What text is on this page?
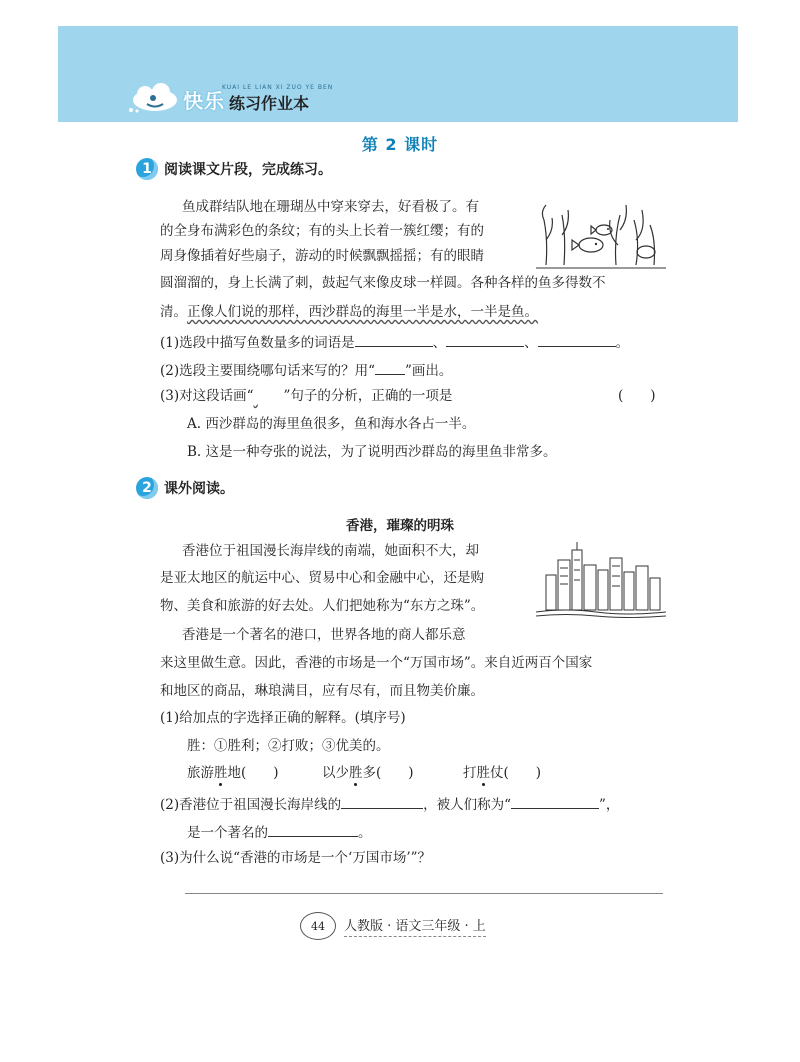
快乐 练习作业本
KUAI LE LIAN XI ZUO YE BEN
第 2 课时
1 阅读课文片段，完成练习。
鱼成群结队地在珊瑚丛中穿来穿去，好看极了。有
的全身布满彩色的条纹；有的头上长着一簇红缨；有的
周身像插着好些扇子，游动的时候飘飘摇摇；有的眼睛
圆溜溜的，身上长满了刺，鼓起气来像皮球一样圆。各种各样的鱼多得数不
清。正像人们说的那样，西沙群岛的海里一半是水，一半是鱼。
(1)选段中描写鱼数量多的词语是	、	、	。
(2)选段主要围绕哪句话来写的？用“ ”画出。
(3)对这段话画“ ”句子的分析，正确的一项是	(　　)
A. 西沙群岛的海里鱼很多，鱼和海水各占一半。
B. 这是一种夸张的说法，为了说明西沙群岛的海里鱼非常多。
2 课外阅读。
香港，璀璨的明珠
香港位于祖国漫长海岸线的南端，她面积不大，却
是亚太地区的航运中心、贸易中心和金融中心，还是购
物、美食和旅游的好去处。人们把她称为“东方之珠”。
香港是一个著名的港口，世界各地的商人都乐意
来这里做生意。因此，香港的市场是一个“万国市场”。来自近两百个国家
和地区的商品，琳琅满目，应有尽有，而且物美价廉。
(1)给加点的字选择正确的解释。(填序号)
胜：①胜利；②打败；③优美的。
旅游胜地(　　)	以少胜多(　　)	打胜仗(　　)
(2)香港位于祖国漫长海岸线的	，被人们称为“	”，
是一个著名的	。
(3)为什么说“香港的市场是一个‘万国市场’”？
44	人教版 · 语文三年级 · 上
